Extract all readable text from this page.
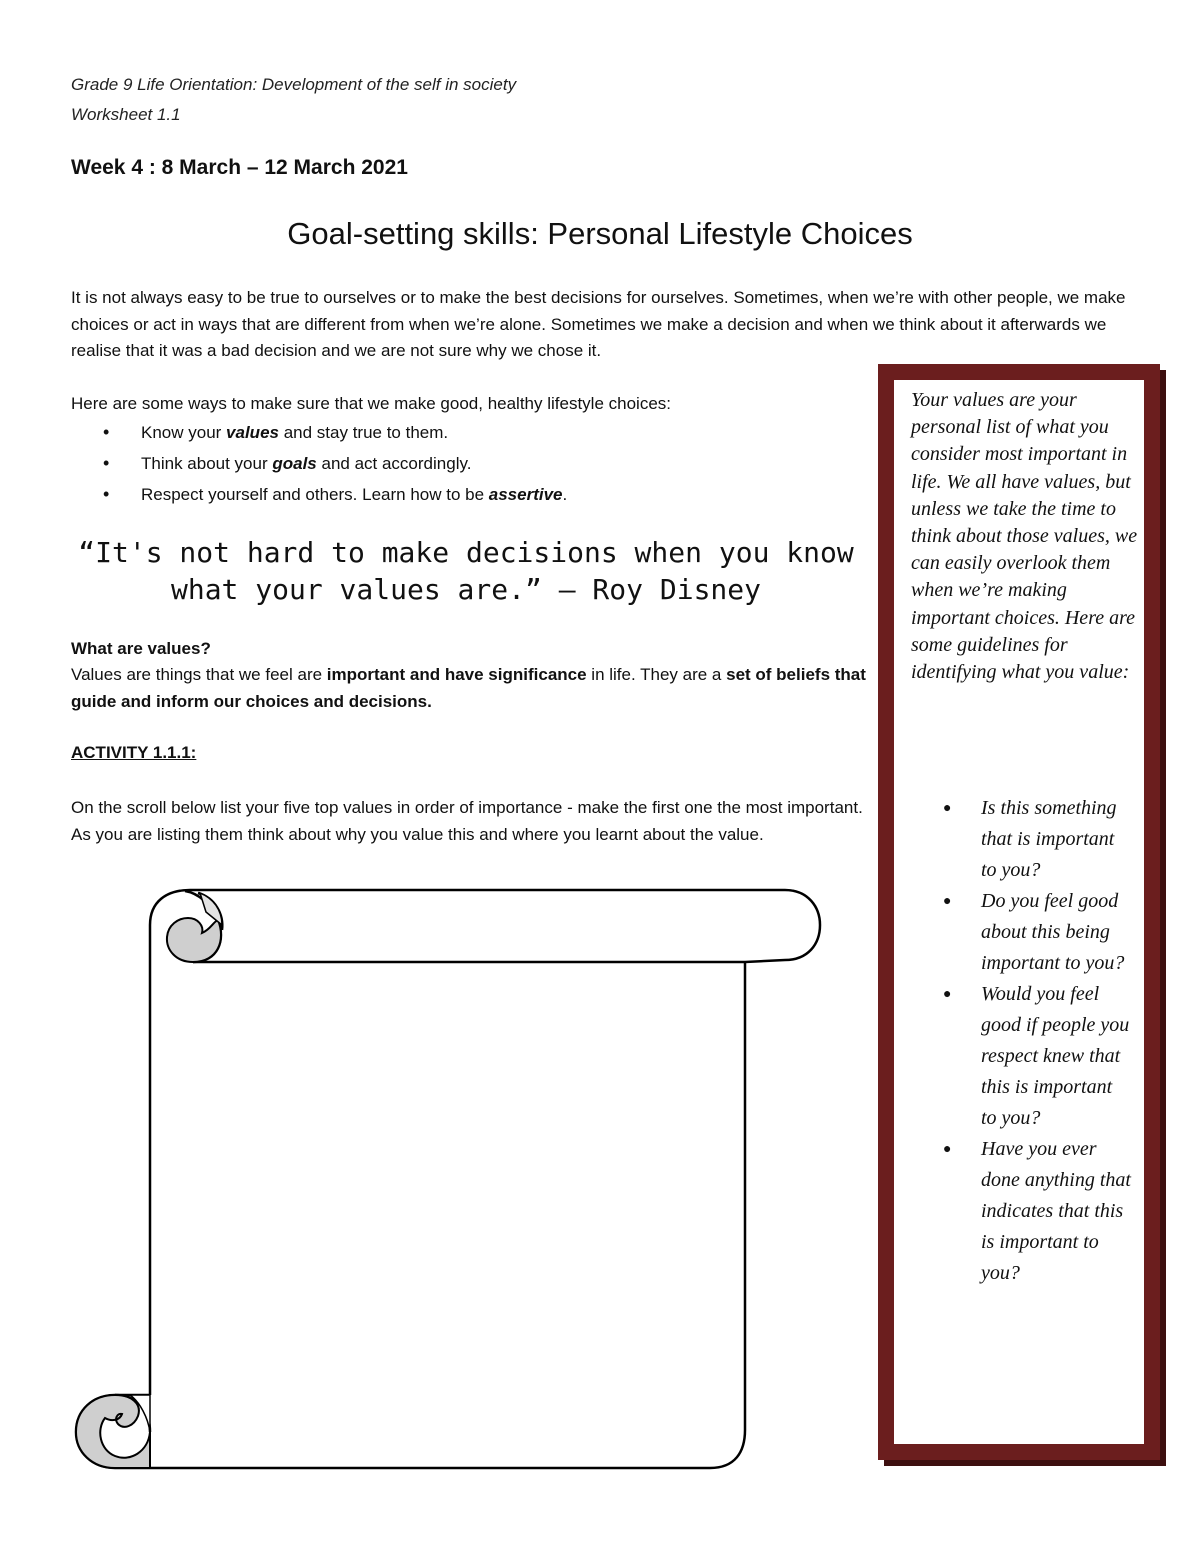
Grade 9 Life Orientation: Development of the self in society
Worksheet 1.1
Week 4 : 8 March – 12 March 2021
Goal-setting skills: Personal Lifestyle Choices
It is not always easy to be true to ourselves or to make the best decisions for ourselves. Sometimes, when we’re with other people, we make choices or act in ways that are different from when we’re alone. Sometimes we make a decision and when we think about it afterwards we realise that it was a bad decision and we are not sure why we chose it.
Here are some ways to make sure that we make good, healthy lifestyle choices:
• Know your values and stay true to them.
• Think about your goals and act accordingly.
• Respect yourself and others. Learn how to be assertive.
“It's not hard to make decisions when you know
what your values are.” ― Roy Disney
What are values?
Values are things that we feel are important and have significance in life. They are a set of beliefs that guide and inform our choices and decisions.
ACTIVITY 1.1.1:
On the scroll below list your five top values in order of importance - make the first one the most important. As you are listing them think about why you value this and where you learnt about the value.
Your values are your personal list of what you consider most important in life. We all have values, but unless we take the time to think about those values, we can easily overlook them when we’re making important choices. Here are some guidelines for identifying what you value:
● Is this something that is important to you?
● Do you feel good about this being important to you?
● Would you feel good if people you respect knew that this is important to you?
● Have you ever done anything that indicates that this is important to you?
